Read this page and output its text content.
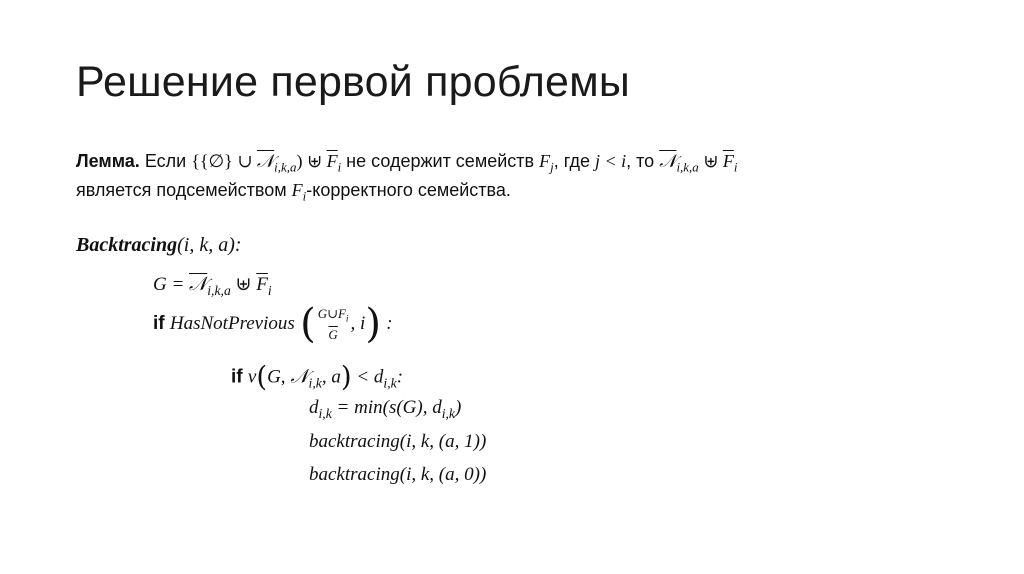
Решение первой проблемы
Лемма. Если {{∅} ∪ 𝒩$_{i,k,a}$) ⊎ $\overline{F}_i$ не содержит семейств $F_j$, где j < i, то 𝒩$_{i,k,a}$ ⊎ $\overline{F}_i$
является подсемейством $F_i$-корректного семейства.
Backtracing(i, k, a):
G = 𝒩$_{i,k,a}$ ⊎ $\overline{F}_i$
if
HasNotPrevious
( $\frac{G\cup F_i}{G}$ , i )
:
if v(G, 𝒩$_{i,k}$, $a) < d_{i,k}$:
$d_{i,k} = \min(s(G)$, $d_{i,k}$)
backtracing(i, k, (a, 1))
backtracing(i, k, (a, 0))
